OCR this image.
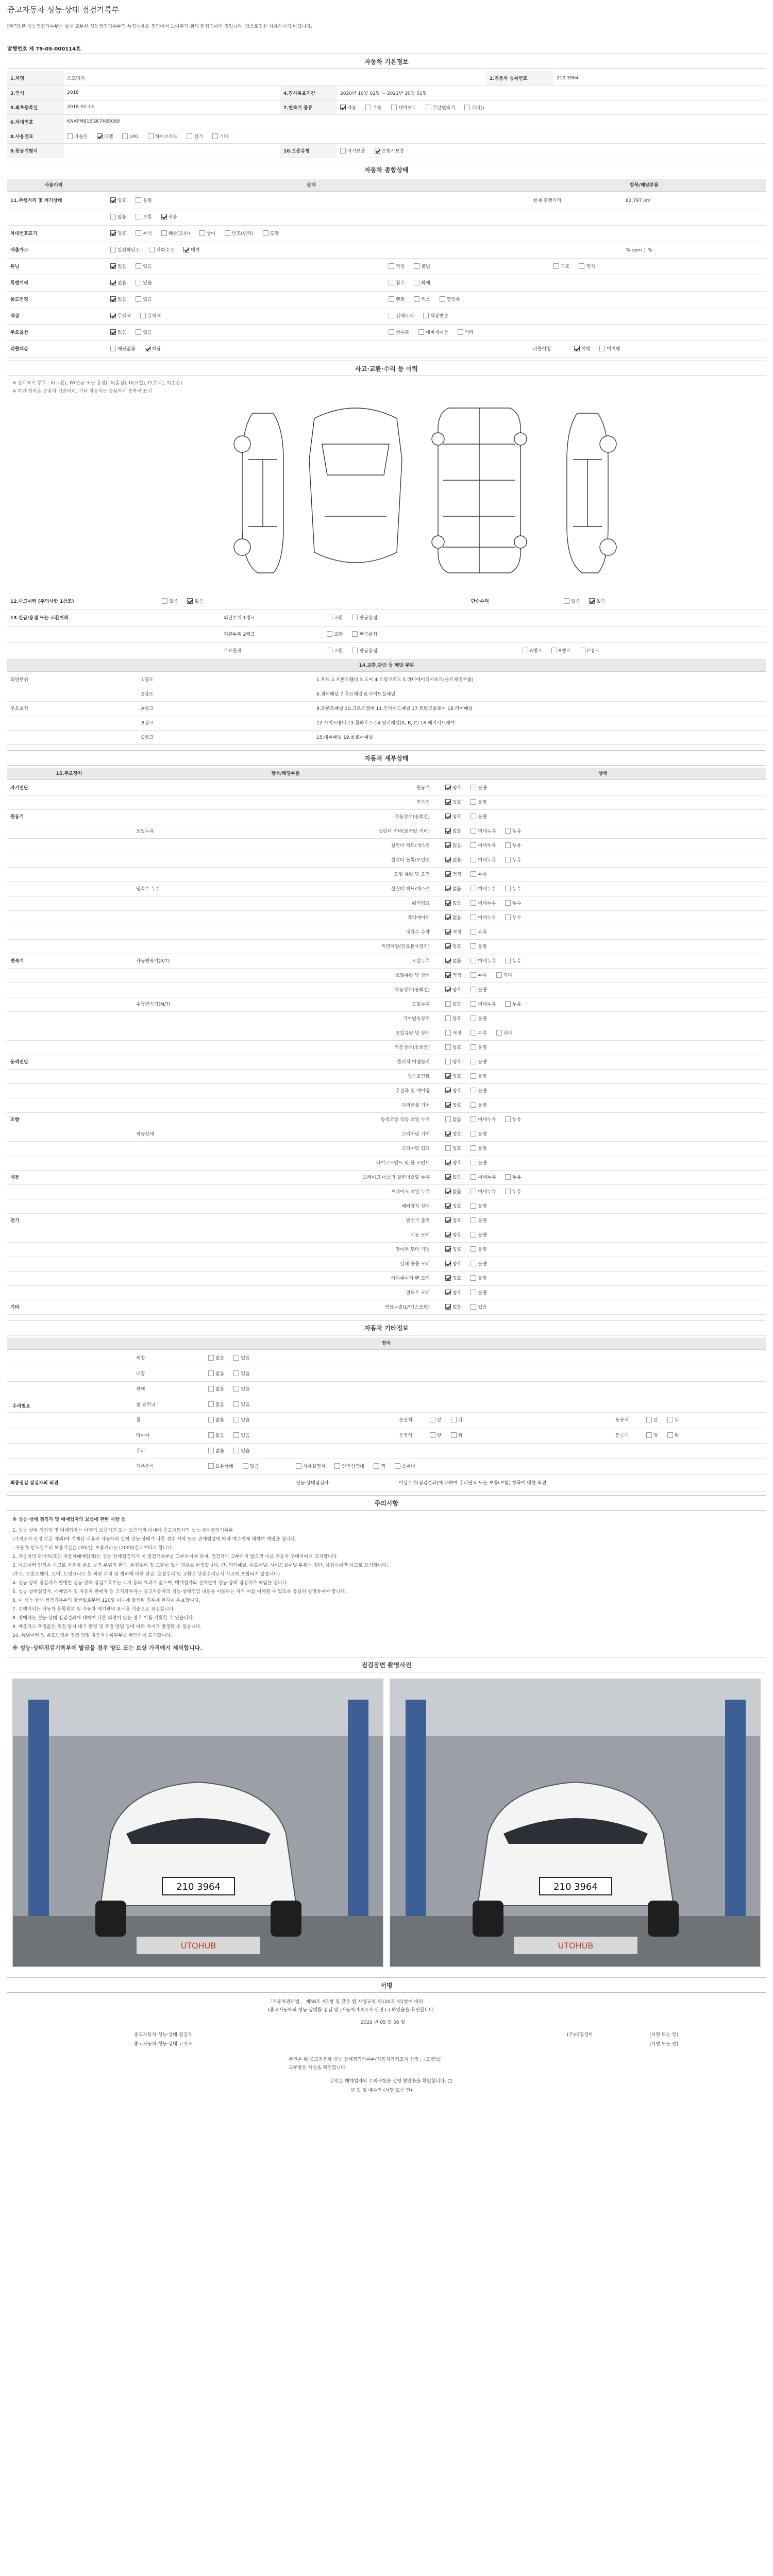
중고자동차 성능·상태 점검기록부
[주의] 본 성능점검기록부는 실제 교부한 성능점검기록부의 특정내용을 동의에서 보여주기 위해 편집되어진 것입니다. 법으로정한 사용하시기 바랍니다.
발행번호 제 79-05-000114호
자동차 기본정보
1.차명	스포티지			2.자동차 등록번호	210 3964
3.연식	2018	4.검사유효기간	2020년 10월 02일 ~ 2021년 10월 01일		
5.최초등록일	2018-02-13	7.변속기 종류	자동 수동 세미오토 무단변속기 기타()		
6.차대번호	KNAPM81BGK7485089				
8.사용연료	가솔린 디젤 LPG 하이브리드 전기 기타				
9.원동기형식		10.보증유형	자가보증 보험사보증		
자동차 종합상태
사용이력	상태	항목/해당부품
11.주행거리 및 계기상태	양호	불량	현재 주행거리	82,797 km
많음	보통	적음
차대번호표기	양호	부식	훼손(오손)	상이	변조(변타)	도말
배출가스	일산화탄소	탄화수소	매연	% ppm 1 %
튜닝	없음	있음	적법	불법	구조	장치
특별이력	없음	있음	침수	화재
용도변경	없음	있음	렌트	리스	영업용
색상	무채색	유채색	전체도색	색상변경
주요옵션	없음	있음	썬루프	네비게이션	기타
리콜대상	해당없음	해당	리콜이행	이행	미이행
사고·교환·수리 등 이력
※ 상태표시 부호 : X(교환), W(판금 또는 용접), A(흠집), U(요철), C(부식), T(손상)
※ 하단 항목은 승용차 기준이며, 기타 자동차는 승용차에 준하여 표시
12.사고이력 (주의사항 1참조)	있음	없음	단순수리	있음	없음
13.판금/용접 또는 교환이력	외판부위 1랭크	교환	판금용접
외판부위 2랭크	교환	판금용접
주요골격	교환	판금용접	A랭크	B랭크	C랭크
14.교환,판금 등 해당 부위
외판부위	1랭크	1.후드 2.프론트휀더 3.도어 4.트렁크리드 5.라디에이터서포트(볼트체결부품)
2랭크	6.쿼터패널 7.루프패널 8.사이드실패널
주요골격	A랭크	9.프론트패널 10.크로스멤버 11.인사이드패널 17.트렁크플로어 18.리어패널
B랭크	12.사이드멤버 13.휠하우스 14.필러패널(A, B, C) 16.패키지트레이
C랭크	15.대쉬패널 19.플로어패널
자동차 세부상태
15.주요장치	항목/해당부품	상태
자기진단	원동기	양호	불량
변속기	양호	불량
원동기	작동상태(공회전)	양호	불량
오일누유	실린더 커버(로커암 커버)	없음	미세누유	누유
실린더 헤드/개스켓	없음	미세누유	누유
실린더 블록/오일팬	없음	미세누유	누유
오일 유량 및 오염	적정	부족
냉각수 누수	실린더 헤드/개스켓	없음	미세누수	누수
워터펌프	없음	미세누수	누수
라디에이터	없음	미세누수	누수
냉각수 수량	적정	부족
커먼레일(연료분사장치)	양호	불량
변속기	자동변속기(A/T)	오일누유	없음	미세누유	누유
오일유량 및 상태	적정	부족	과다
작동상태(공회전)	양호	불량
수동변속기(M/T)	오일누유	없음	미세누유	누유
기어변속장치	양호	불량
오일유량 및 상태	적정	부족	과다
작동상태(공회전)	양호	불량
동력전달	클러치 어셈블리	양호	불량
등속조인트	양호	불량
추진축 및 베어링	양호	불량
디퍼렌셜 기어	양호	불량
조향	동력조향 작동 오일 누유	없음	미세누유	누유
작동상태	스티어링 기어	양호	불량
스티어링 펌프	양호	불량
타이로드엔드 및 볼 조인트	양호	불량
제동	브레이크 마스터 실린더오일 누유	없음	미세누유	누유
브레이크 오일 누유	없음	미세누유	누유
배력장치 상태	양호	불량
전기	발전기 출력	양호	불량
시동 모터	양호	불량
와이퍼 모터 기능	양호	불량
실내 송풍 모터	양호	불량
라디에이터 팬 모터	양호	불량
윈도우 모터	양호	불량
기타	연료누출(LP가스포함)	없음	있음
자동차 기타정보
항목
외장	없음	있음
내장	없음	있음
광택	없음	있음
룸 클리닝	없음	있음
휠	없음	있음	운전석	앞	뒤	동승석	앞	뒤
타이어	없음	있음	운전석	앞	뒤	동승석	앞	뒤
유리	없음	있음
기본품목	보유상태	없음	사용설명서	안전삼각대	잭	스패너
수리필요
최종점검 점검자의 의견	성능·상태점검자	이상부위(점검결과)에 대하여 수리필요 또는 보증(보험) 항목에 대한 의견
주의사항
※ 성능·상태 점검자 및 매매업자의 보증에 관한 사항 등
1. 성능·상태 점검자 및 매매업자는 아래의 보증기간 또는 보증거리 이내에 중고자동차의 성능·상태점검기록부
(가격조사·산정 부분 제외)에 기재된 내용과 자동차의 실제 성능·상태가 다른 경우 계약 또는 관계법령에 따라 매수인에 대하여 책임을 집니다.
- 자동차 인도일부터 보증기간은 (30)일, 보증거리는 (2000)킬로미터로 합니다.
2. 자동차의 판매자(또는 자동차매매업자)는 성능·상태점검자가 이 점검기록부를 교부하여야 하며, 점검자가 교부하지 않으면 이를 자동차 구매자에게 고지합니다.
3. 사고이력 인정은 사고로 자동차 주요 골격 부위의 판금, 용접수리 및 교환이 있는 경우로 한정합니다. 단, 쿼터패널, 루프패널, 사이드실패널 부위는 절단, 용접시에만 사고로 표기합니다.
(후드, 프론트휀더, 도어, 트렁크리드 등 외판 부위 및 범퍼에 대한 판금, 용접수리 및 교환은 단순수리로서 사고에 포함되지 않습니다)
4. 성능·상태 점검자가 발행한 성능·상태 점검기록부는 고지 등의 효과가 없으며, 매매업자와 관계없이 성능·상태 점검자가 책임을 집니다.
5. 성능·상태점검자, 매매업자 및 자동차 판매자 등 고지의무자는 중고자동차의 성능·상태점검 내용을 이용하는 자가 이를 이해할 수 있도록 충실히 설명하여야 합니다.
6. 이 성능·상태 점검기록부의 발급일로부터 120일 이내에 발행된 경우에 한하여 유효합니다.
7. 주행거리는 자동차 등록원부 및 자동차 계기판의 표시를 기준으로 점검합니다.
8. 판매자는 성능·상태 점검결과에 대하여 다른 의견이 있는 경우 이를 기록할 수 있습니다.
9. 배출가스 측정값은 측정 당시 대기 환경 및 측정 방법 등에 따라 차이가 발생할 수 있습니다.
10. 특별이력 및 용도변경은 점검 당일 자동차등록원부를 확인하여 표기합니다.
※ 성능·상태점검기록부에 발급을 경우 양도 또는 보상 가격에서 제외합니다.
점검장면 촬영사진
210 3964
UTOHUB
210 3964
UTOHUB
서명
「자동차관리법」 제58조 제1항 및 같은 법 시행규칙 제120조 제1항에 따라
(중고자동차의 성능·상태를 점검 및 )자동차가격조사·산정 ( ) 하였음을 확인합니다.
2020 년 05 월 06 일
중고자동차 성능·상태 점검자	(주)대경정비	(서명 또는 인)
중고자동차 성능·상태 고지자	(서명 또는 인)
본인은 위 중고자동차 성능·상태점검기록부(자동차가격조사·산정 □ 포함)를
교부받은 사실을 확인합니다.
본인은 매매업자의 주의사항을 설명 받았음을 확인합니다. □
년 월 일 매수인 (서명 또는 인)
